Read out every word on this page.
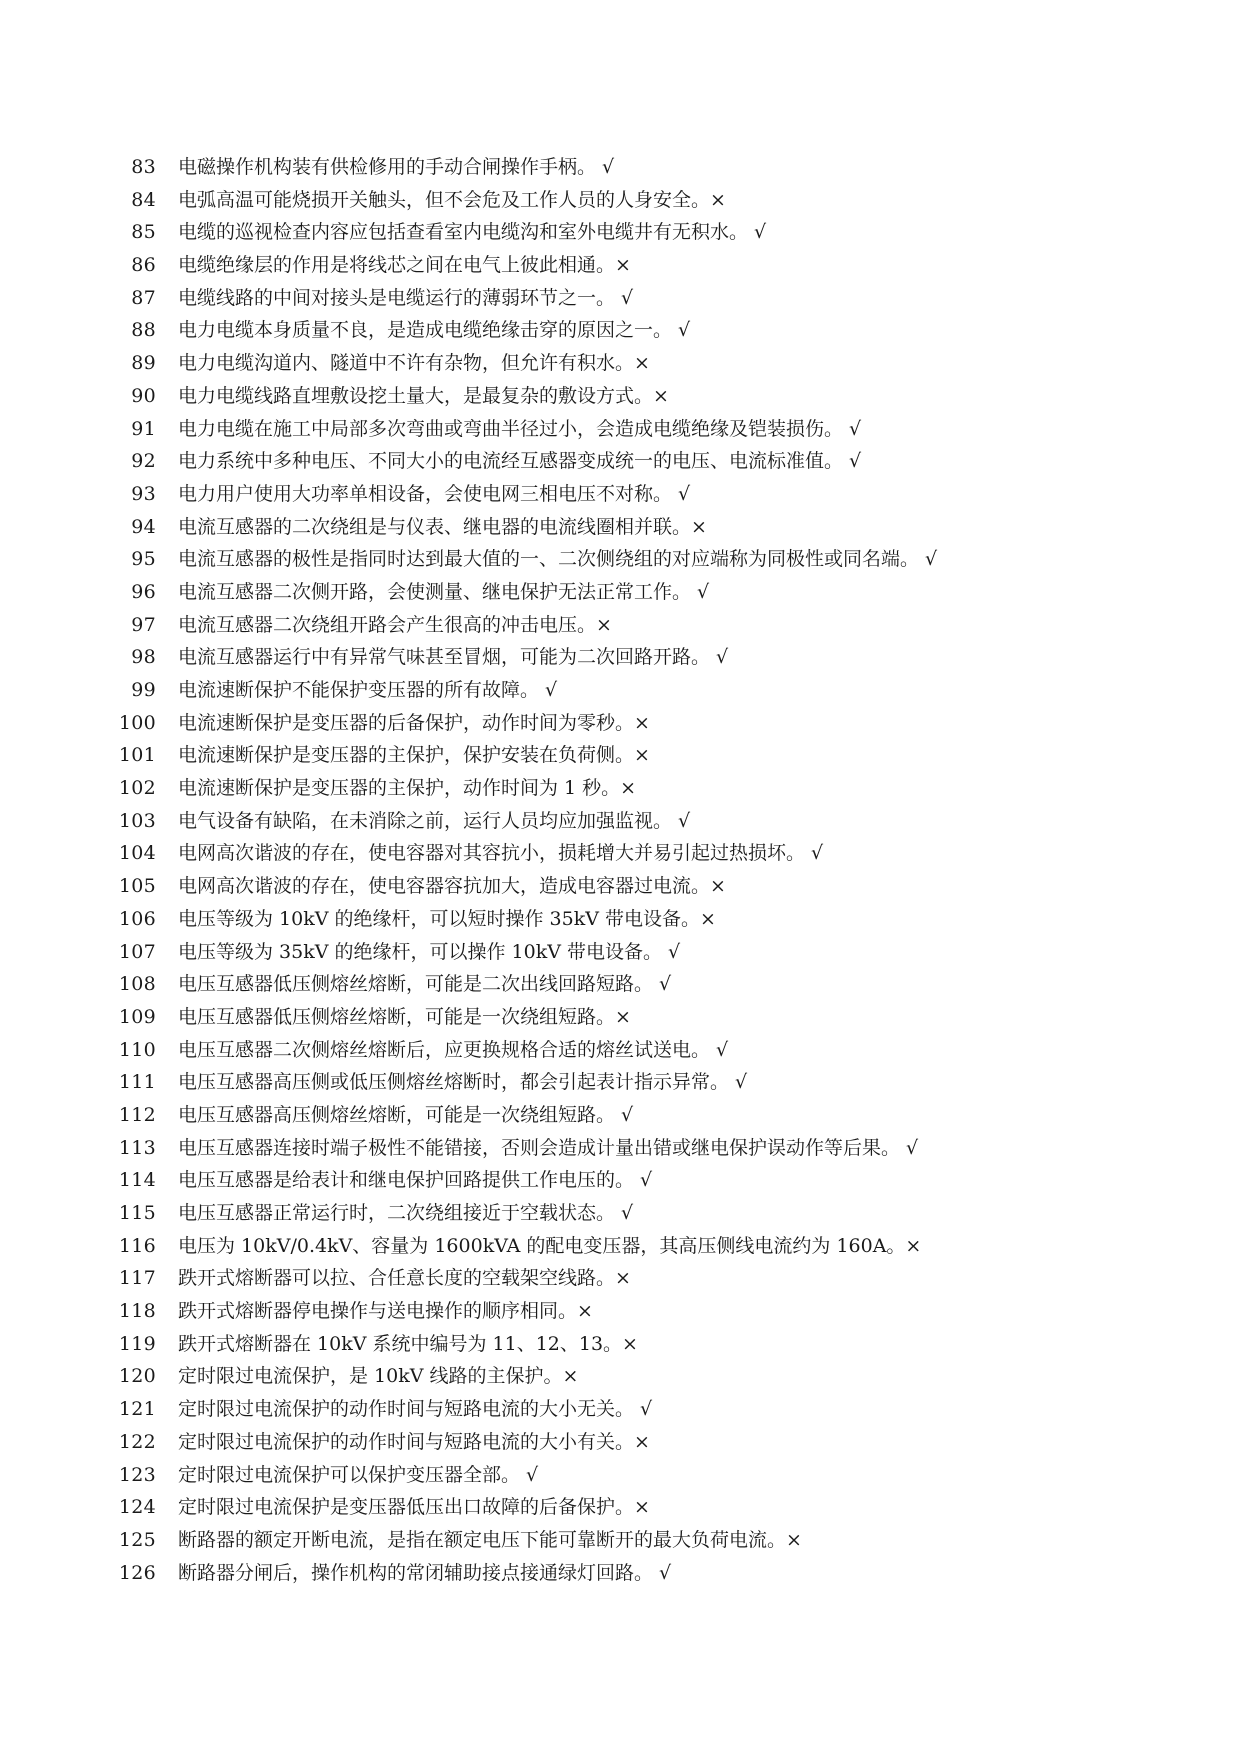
83 电磁操作机构装有供检修用的手动合闸操作手柄。 √
84 电弧高温可能烧损开关触头，但不会危及工作人员的人身安全。×
85 电缆的巡视检查内容应包括查看室内电缆沟和室外电缆井有无积水。 √
86 电缆绝缘层的作用是将线芯之间在电气上彼此相通。×
87 电缆线路的中间对接头是电缆运行的薄弱环节之一。 √
88 电力电缆本身质量不良，是造成电缆绝缘击穿的原因之一。 √
89 电力电缆沟道内、隧道中不许有杂物，但允许有积水。×
90 电力电缆线路直埋敷设挖土量大，是最复杂的敷设方式。×
91 电力电缆在施工中局部多次弯曲或弯曲半径过小，会造成电缆绝缘及铠装损伤。 √
92 电力系统中多种电压、不同大小的电流经互感器变成统一的电压、电流标准值。 √
93 电力用户使用大功率单相设备，会使电网三相电压不对称。 √
94 电流互感器的二次绕组是与仪表、继电器的电流线圈相并联。×
95 电流互感器的极性是指同时达到最大值的一、二次侧绕组的对应端称为同极性或同名端。 √
96 电流互感器二次侧开路，会使测量、继电保护无法正常工作。 √
97 电流互感器二次绕组开路会产生很高的冲击电压。×
98 电流互感器运行中有异常气味甚至冒烟，可能为二次回路开路。 √
99 电流速断保护不能保护变压器的所有故障。 √
100 电流速断保护是变压器的后备保护，动作时间为零秒。×
101 电流速断保护是变压器的主保护，保护安装在负荷侧。×
102 电流速断保护是变压器的主保护，动作时间为 1 秒。×
103 电气设备有缺陷，在未消除之前，运行人员均应加强监视。 √
104 电网高次谐波的存在，使电容器对其容抗小，损耗增大并易引起过热损坏。 √
105 电网高次谐波的存在，使电容器容抗加大，造成电容器过电流。×
106 电压等级为 10kV 的绝缘杆，可以短时操作 35kV 带电设备。×
107 电压等级为 35kV 的绝缘杆，可以操作 10kV 带电设备。 √
108 电压互感器低压侧熔丝熔断，可能是二次出线回路短路。 √
109 电压互感器低压侧熔丝熔断，可能是一次绕组短路。×
110 电压互感器二次侧熔丝熔断后，应更换规格合适的熔丝试送电。 √
111 电压互感器高压侧或低压侧熔丝熔断时，都会引起表计指示异常。 √
112 电压互感器高压侧熔丝熔断，可能是一次绕组短路。 √
113 电压互感器连接时端子极性不能错接，否则会造成计量出错或继电保护误动作等后果。 √
114 电压互感器是给表计和继电保护回路提供工作电压的。 √
115 电压互感器正常运行时，二次绕组接近于空载状态。 √
116 电压为 10kV/0.4kV、容量为 1600kVA 的配电变压器，其高压侧线电流约为 160A。×
117 跌开式熔断器可以拉、合任意长度的空载架空线路。×
118 跌开式熔断器停电操作与送电操作的顺序相同。×
119 跌开式熔断器在 10kV 系统中编号为 11、12、13。×
120 定时限过电流保护，是 10kV 线路的主保护。×
121 定时限过电流保护的动作时间与短路电流的大小无关。 √
122 定时限过电流保护的动作时间与短路电流的大小有关。×
123 定时限过电流保护可以保护变压器全部。 √
124 定时限过电流保护是变压器低压出口故障的后备保护。×
125 断路器的额定开断电流，是指在额定电压下能可靠断开的最大负荷电流。×
126 断路器分闸后，操作机构的常闭辅助接点接通绿灯回路。 √
